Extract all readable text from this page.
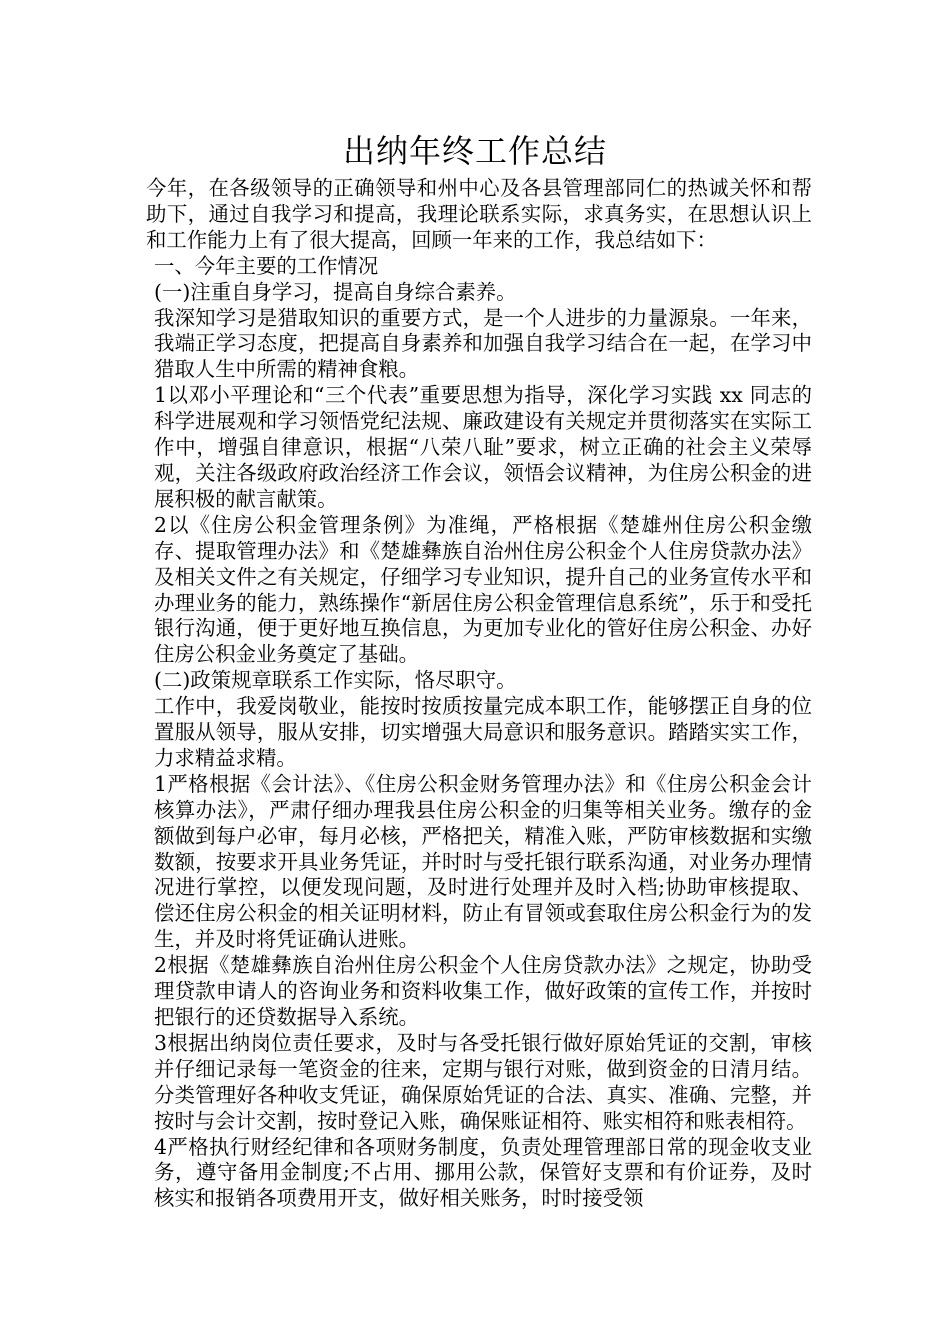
出纳年终工作总结

今年，在各级领导的正确领导和州中心及各县管理部同仁的热诚关怀和帮助下，通过自我学习和提高，我理论联系实际，求真务实，在思想认识上和工作能力上有了很大提高，回顾一年来的工作，我总结如下：

一、今年主要的工作情况

(一)注重自身学习，提高自身综合素养。

我深知学习是猎取知识的重要方式，是一个人进步的力量源泉。一年来，我端正学习态度，把提高自身素养和加强自我学习结合在一起，在学习中猎取人生中所需的精神食粮。

1以邓小平理论和“三个代表”重要思想为指导，深化学习实践 xx 同志的科学进展观和学习领悟党纪法规、廉政建设有关规定并贯彻落实在实际工作中，增强自律意识，根据“八荣八耻”要求，树立正确的社会主义荣辱观，关注各级政府政治经济工作会议，领悟会议精神，为住房公积金的进展积极的献言献策。

2以《住房公积金管理条例》为准绳，严格根据《楚雄州住房公积金缴存、提取管理办法》和《楚雄彝族自治州住房公积金个人住房贷款办法》及相关文件之有关规定，仔细学习专业知识，提升自己的业务宣传水平和办理业务的能力，熟练操作“新居住房公积金管理信息系统”，乐于和受托银行沟通，便于更好地互换信息，为更加专业化的管好住房公积金、办好住房公积金业务奠定了基础。

(二)政策规章联系工作实际，恪尽职守。

工作中，我爱岗敬业，能按时按质按量完成本职工作，能够摆正自身的位置服从领导，服从安排，切实增强大局意识和服务意识。踏踏实实工作，力求精益求精。

1严格根据《会计法》、《住房公积金财务管理办法》和《住房公积金会计核算办法》，严肃仔细办理我县住房公积金的归集等相关业务。缴存的金额做到每户必审，每月必核，严格把关，精准入账，严防审核数据和实缴数额，按要求开具业务凭证，并时时与受托银行联系沟通，对业务办理情况进行掌控，以便发现问题，及时进行处理并及时入档;协助审核提取、偿还住房公积金的相关证明材料，防止有冒领或套取住房公积金行为的发生，并及时将凭证确认进账。

2根据《楚雄彝族自治州住房公积金个人住房贷款办法》之规定，协助受理贷款申请人的咨询业务和资料收集工作，做好政策的宣传工作，并按时把银行的还贷数据导入系统。

3根据出纳岗位责任要求，及时与各受托银行做好原始凭证的交割，审核并仔细记录每一笔资金的往来，定期与银行对账，做到资金的日清月结。分类管理好各种收支凭证，确保原始凭证的合法、真实、准确、完整，并按时与会计交割，按时登记入账，确保账证相符、账实相符和账表相符。

4严格执行财经纪律和各项财务制度，负责处理管理部日常的现金收支业务，遵守备用金制度;不占用、挪用公款，保管好支票和有价证券，及时核实和报销各项费用开支，做好相关账务，时时接受领
